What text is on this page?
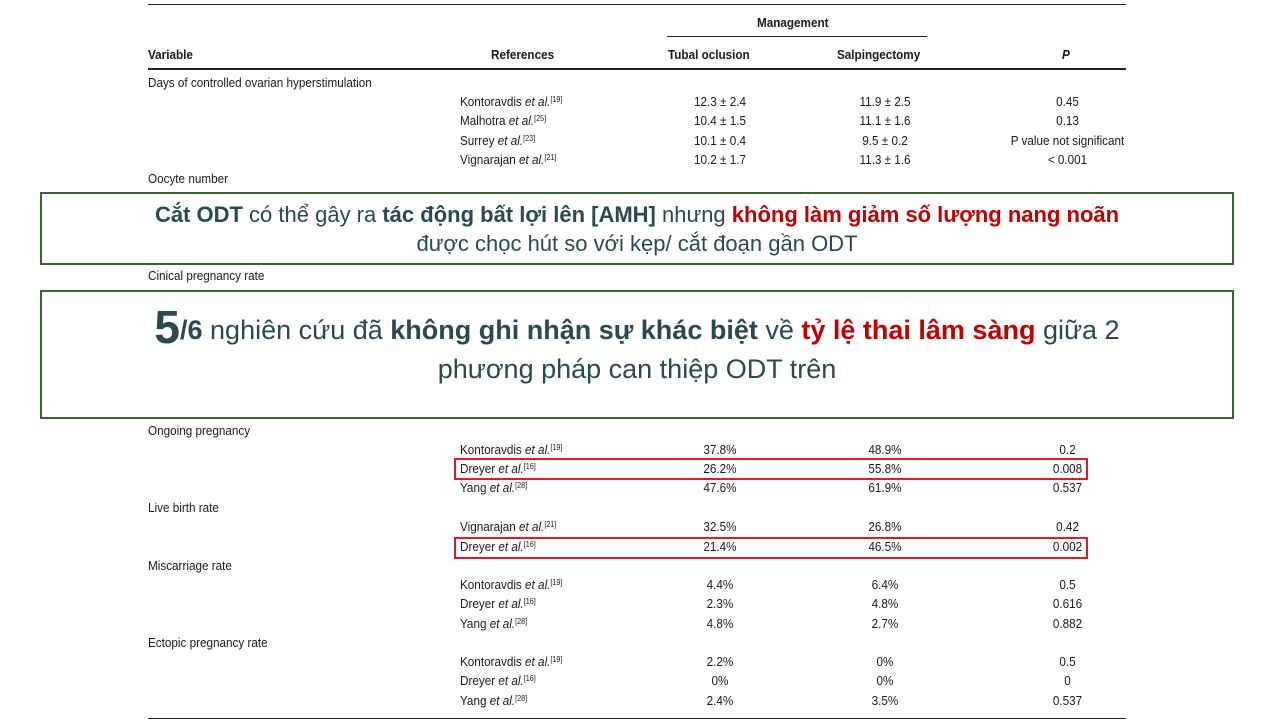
Management
Variable	References	Tubal oclusion	Salpingectomy	P
Days of controlled ovarian hyperstimulation
Kontoravdis et al.[19]	12.3 ± 2.4	11.9 ± 2.5	0.45
Malhotra et al.[25]	10.4 ± 1.5	11.1 ± 1.6	0.13
Surrey et al.[23]	10.1 ± 0.4	9.5 ± 0.2	P value not significant
Vignarajan et al.[21]	10.2 ± 1.7	11.3 ± 1.6	< 0.001
Oocyte number
Cinical pregnancy rate
Ongoing pregnancy
Kontoravdis et al.[19]	37.8%	48.9%	0.2
Dreyer et al.[16]	26.2%	55.8%	0.008
Yang et al.[28]	47.6%	61.9%	0.537
Live birth rate
Vignarajan et al.[21]	32.5%	26.8%	0.42
Dreyer et al.[16]	21.4%	46.5%	0.002
Miscarriage rate
Kontoravdis et al.[19]	4.4%	6.4%	0.5
Dreyer et al.[16]	2.3%	4.8%	0.616
Yang et al.[28]	4.8%	2.7%	0.882
Ectopic pregnancy rate
Kontoravdis et al.[19]	2.2%	0%	0.5
Dreyer et al.[16]	0%	0%	0
Yang et al.[28]	2.4%	3.5%	0.537
Cắt ODT có thể gây ra tác động bất lợi lên [AMH] nhưng không làm giảm số lượng nang noãn
được chọc hút so với kẹp/ cắt đoạn gần ODT
5/6 nghiên cứu đã không ghi nhận sự khác biệt về tỷ lệ thai lâm sàng giữa 2
phương pháp can thiệp ODT trên
